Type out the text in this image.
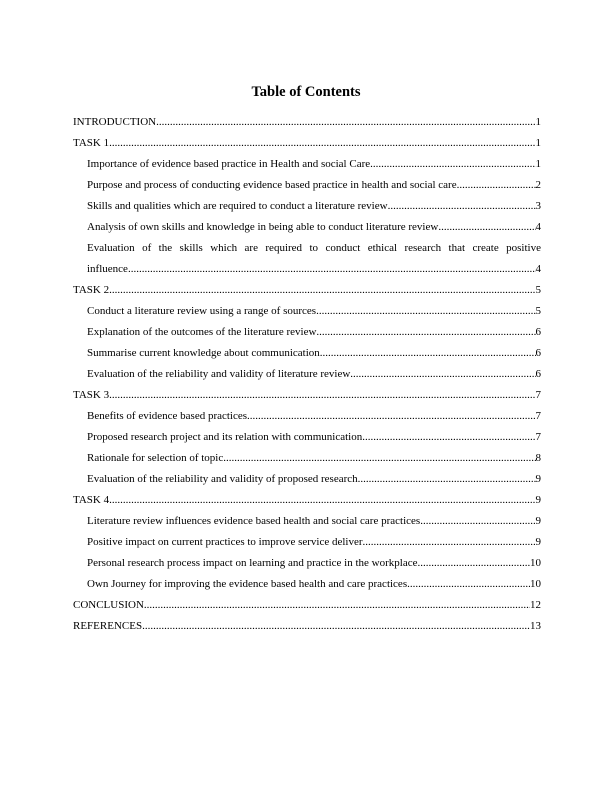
Table of Contents
INTRODUCTION .....	1
TASK 1 .....	1
Importance of evidence based practice in Health and social Care .....	1
Purpose and process of conducting evidence based practice in health and social care .....	2
Skills and qualities which are required to conduct a literature review .....	3
Analysis of own skills and knowledge in being able to conduct literature review .....	4
Evaluation of the skills which are required to conduct ethical research that create positive
influence .....	4
TASK 2 .....	5
Conduct a literature review using a range of sources .....	5
Explanation of the outcomes of the literature review .....	6
Summarise current knowledge about communication .....	6
Evaluation of the reliability and validity of literature review .....	6
TASK 3 .....	7
Benefits of evidence based practices .....	7
Proposed research project and its relation with communication .....	7
Rationale for selection of topic .....	8
Evaluation of the reliability and validity of proposed research .....	9
TASK 4 .....	9
Literature review influences evidence based health and social care practices .....	9
Positive impact on current practices to improve service deliver .....	9
Personal research process impact on learning and practice in the workplace .....	10
Own Journey for improving the evidence based health and care practices .....	10
CONCLUSION .....	12
REFERENCES .....	13
